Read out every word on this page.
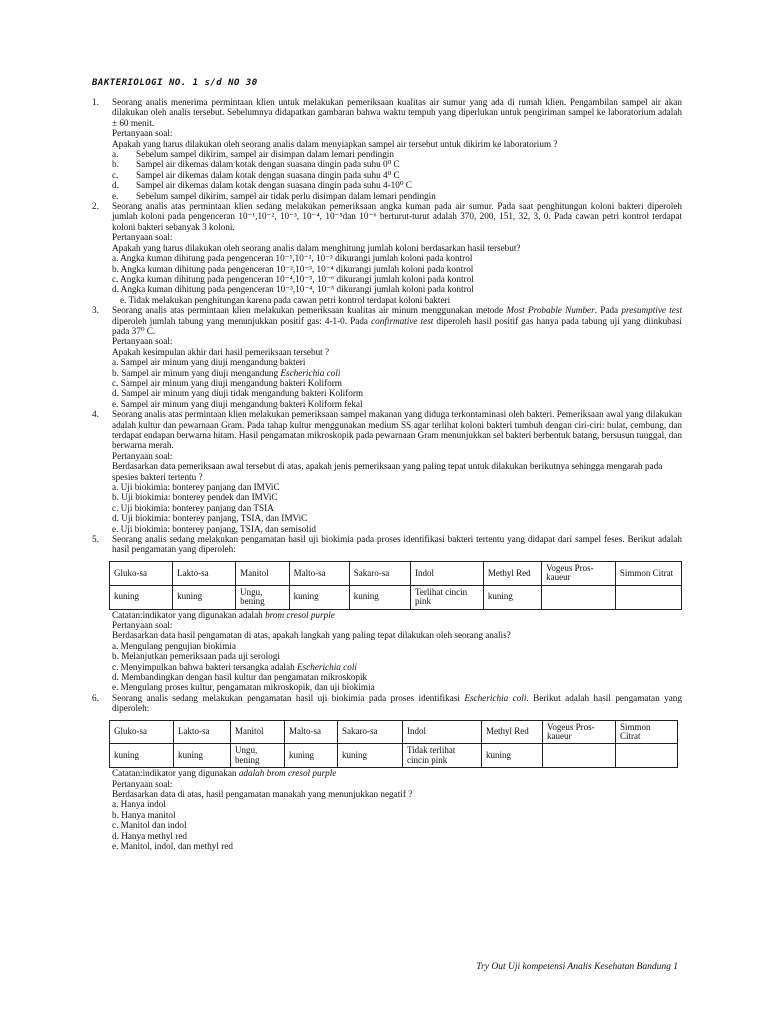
BAKTERIOLOGI NO. 1 s/d NO 30
1.	Seorang analis menerima permintaan klien untuk melakukan pemeriksaan kualitas air sumur yang ada di rumah klien. Pengambilan sampel air akan dilakukan oleh analis tersebut. Sebelumnya didapatkan gambaran bahwa waktu tempuh yang diperlukan untuk pengiriman sampel ke laboratorium adalah ± 60 menit.
Pertanyaan soal:
Apakah yang harus dilakukan oleh seorang analis dalam menyiapkan sampel air tersebut untuk dikirim ke laboratorium ?
a.	Sebelum sampel dikirim, sampel air disimpan dalam lemari pendingin
b.	Sampel air dikemas dalam kotak dengan suasana dingin pada suhu 0⁰ C
c.	Sampel air dikemas dalam kotak dengan suasana dingin pada suhu 4⁰ C
d.	Sampel air dikemas dalam kotak dengan suasana dingin pada suhu 4-10⁰ C
e.	Sebelum sampel dikirim, sampel air tidak perlu disimpan dalam lemari pendingin
2.	Seorang analis atas permintaan klien sedang melakukan pemeriksaan angka kuman pada air sumur. Pada saat penghitungan koloni bakteri diperoleh jumlah koloni pada pengenceran 10⁻¹,10⁻², 10⁻³, 10⁻⁴, 10⁻⁵dan 10⁻⁶ berturut-turut adalah 370, 200, 151, 32, 3, 0. Pada cawan petri kontrol terdapat koloni bakteri sebanyak 3 koloni.
Pertanyaan soal:
Apakah yang harus dilakukan oleh seorang analis dalam menghitung jumlah koloni berdasarkan hasil tersebut?
a. Angka kuman dihitung pada pengenceran 10⁻¹,10⁻², 10⁻³ dikurangi jumlah koloni pada kontrol
b. Angka kuman dihitung pada pengenceran 10⁻²,10⁻³, 10⁻⁴ dikurangi jumlah koloni pada kontrol
c. Angka kuman dihitung pada pengenceran 10⁻⁴,10⁻⁵, 10⁻⁶ dikurangi jumlah koloni pada kontrol
d. Angka kuman dihitung pada pengenceran 10⁻³,10⁻⁴, 10⁻⁵ dikurangi jumlah koloni pada kontrol
e. Tidak melakukan penghitungan karena pada cawan petri kontrol terdapat koloni bakteri
3.	Seorang analis atas permintaan klien melakukan pemeriksaan kualitas air minum menggunakan metode Most Probable Number. Pada presumptive test diperoleh jumlah tabung yang menunjukkan positif gas: 4-1-0. Pada confirmative test diperoleh hasil positif gas hanya pada tabung uji yang diinkubasi pada 37⁰ C.
Pertanyaan soal:
Apakah kesimpulan akhir dari hasil pemeriksaan tersebut ?
a. Sampel air minum yang diuji mengandung bakteri
b. Sampel air minum yang diuji mengandung Escherichia coli
c. Sampel air minum yang diuji mengandung bakteri Koliform
d. Sampel air minum yang diuji tidak mengandung bakteri Koliform
e. Sampel air minum yang diuji mengandung bakteri Koliform fekal
4.	Seorang analis atas permintaan klien melakukan pemeriksaan sampel makanan yang diduga terkontaminasi oleh bakteri. Pemeriksaan awal yang dilakukan adalah kultur dan pewarnaan Gram. Pada tahap kultur menggunakan medium SS agar terlihat koloni bakteri tumbuh dengan ciri-ciri: bulat, cembung, dan terdapat endapan berwarna hitam. Hasil pengamatan mikroskopik pada pewarnaan Gram menunjukkan sel bakteri berbentuk batang, bersusun tunggal, dan berwarna merah.
Pertanyaan soal:
Berdasarkan data pemeriksaan awal tersebut di atas, apakah jenis pemeriksaan yang paling tepat untuk dilakukan berikutnya sehingga mengarah pada spesies bakteri tertentu ?
a. Uji biokimia: bonterey panjang dan IMViC
b. Uji biokimia: bonterey pendek dan IMViC
c. Uji biokimia: bonterey panjang dan TSIA
d. Uji biokimia: bonterey panjang, TSIA, dan IMViC
e. Uji biokimia: bonterey panjang, TSIA, dan semisolid
5.	Seorang analis sedang melakukan pengamatan hasil uji biokimia pada proses identifikasi bakteri tertentu yang didapat dari sampel feses. Berikut adalah hasil pengamatan yang diperoleh:
Gluko-sa	Lakto-sa	Manitol	Malto-sa	Sakaro-sa	Indol	Methyl Red	Vogeus Pros-kaueur	Simmon Citrat
kuning	kuning	Ungu, bening	kuning	kuning	Terlihat cincin pink	kuning		
Catatan:indikator yang digunakan adalah brom cresol purple
Pertanyaan soal:
Berdasarkan data hasil pengamatan di atas, apakah langkah yang paling tepat dilakukan oleh seorang analis?
a. Mengulang pengujian biokimia
b. Melanjutkan pemeriksaan pada uji serologi
c. Menyimpulkan bahwa bakteri tersangka adalah Escherichia coli
d. Membandingkan dengan hasil kultur dan pengamatan mikroskopik
e. Mengulang proses kultur, pengamatan mikroskopik, dan uji biokimia
6.	Seorang analis sedang melakukan pengamatan hasil uji biokimia pada proses identifikasi Escherichia coli. Berikut adalah hasil pengamatan yang diperoleh:
Gluko-sa	Lakto-sa	Manitol	Malto-sa	Sakaro-sa	Indol	Methyl Red	Vogeus Pros-kaueur	Simmon Citrat
kuning	kuning	Ungu, bening	kuning	kuning	Tidak terlihat cincin pink	kuning		
Catatan:indikator yang digunakan adalah brom cresol purple
Pertanyaan soal:
Berdasarkan data di atas, hasil pengamatan manakah yang menunjukkan negatif ?
a. Hanya indol
b. Hanya manitol
c. Manitol dan indol
d. Hanya methyl red
e. Manitol, indol, dan methyl red
Try Out Uji kompetensi Analis Kesehatan Bandung 1
